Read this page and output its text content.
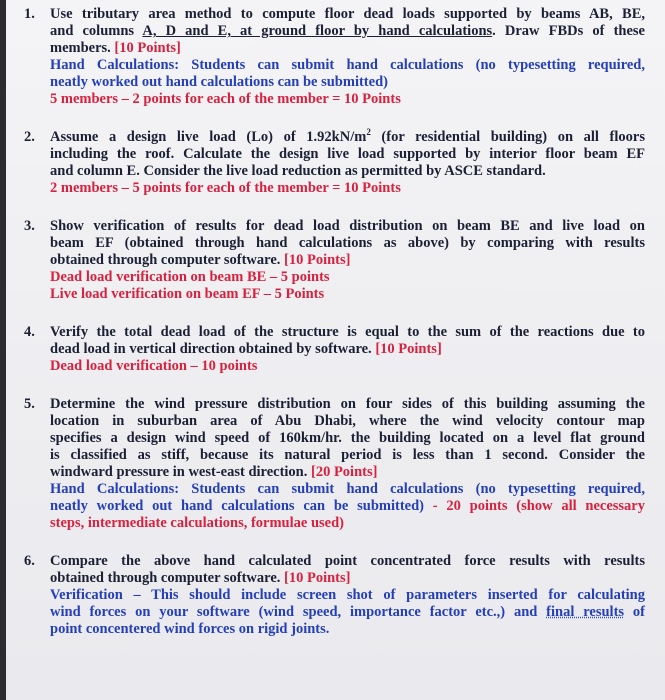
1.	Use tributary area method to compute floor dead loads supported by beams AB, BE,
and columns A, D and E, at ground floor by hand calculations. Draw FBDs of these
members. [10 Points]
Hand Calculations: Students can submit hand calculations (no typesetting required,
neatly worked out hand calculations can be submitted)
5 members – 2 points for each of the member = 10 Points
2.	Assume a design live load (Lo) of $1.92kN/m^2$ (for residential building) on all floors
including the roof. Calculate the design live load supported by interior floor beam EF
and column E. Consider the live load reduction as permitted by ASCE standard.
2 members – 5 points for each of the member = 10 Points
3.	Show verification of results for dead load distribution on beam BE and live load on
beam EF (obtained through hand calculations as above) by comparing with results
obtained through computer software. [10 Points]
Dead load verification on beam BE – 5 points
Live load verification on beam EF – 5 Points
4.	Verify the total dead load of the structure is equal to the sum of the reactions due to
dead load in vertical direction obtained by software. [10 Points]
Dead load verification – 10 points
5.	Determine the wind pressure distribution on four sides of this building assuming the
location in suburban area of Abu Dhabi, where the wind velocity contour map
specifies a design wind speed of 160km/hr. the building located on a level flat ground
is classified as stiff, because its natural period is less than 1 second. Consider the
windward pressure in west-east direction. [20 Points]
Hand Calculations: Students can submit hand calculations (no typesetting required,
neatly worked out hand calculations can be submitted) - 20 points (show all necessary
steps, intermediate calculations, formulae used)
6.	Compare the above hand calculated point concentrated force results with results
obtained through computer software. [10 Points]
Verification – This should include screen shot of parameters inserted for calculating
wind forces on your software (wind speed, importance factor etc.,) and final results of
point concentered wind forces on rigid joints.
